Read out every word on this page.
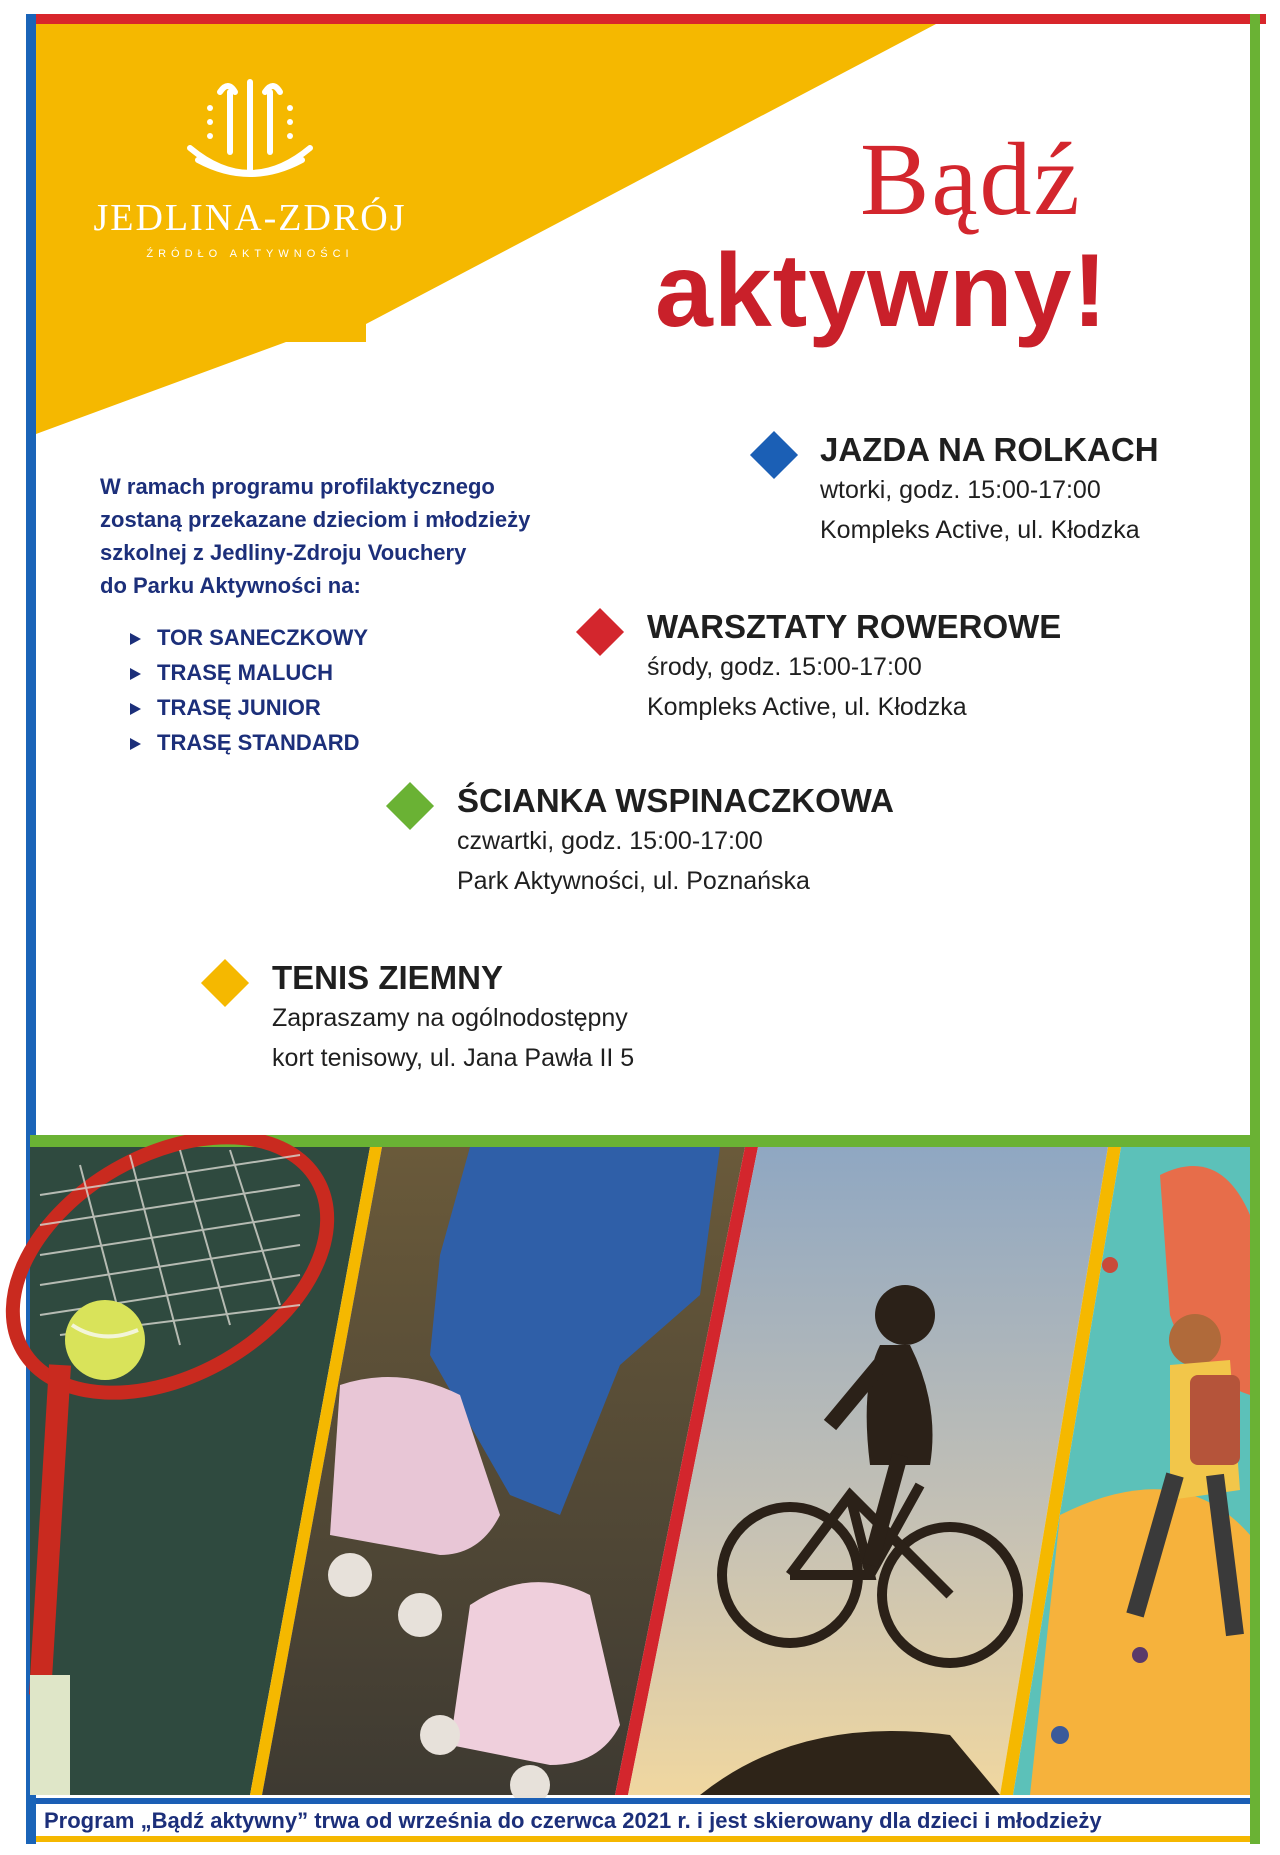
JEDLINA-ZDRÓJ
ŹRÓDŁO AKTYWNOŚCI
Bądź
aktywny!
W ramach programu profilaktycznego
zostaną przekazane dzieciom i młodzieży
szkolnej z Jedliny-Zdroju Vouchery
do Parku Aktywności na:
TOR SANECZKOWY
TRASĘ MALUCH
TRASĘ JUNIOR
TRASĘ STANDARD
JAZDA NA ROLKACH
wtorki, godz. 15:00-17:00
Kompleks Active, ul. Kłodzka
WARSZTATY ROWEROWE
środy, godz. 15:00-17:00
Kompleks Active, ul. Kłodzka
ŚCIANKA WSPINACZKOWA
czwartki, godz. 15:00-17:00
Park Aktywności, ul. Poznańska
TENIS ZIEMNY
Zapraszamy na ogólnodostępny
kort tenisowy, ul. Jana Pawła II 5
Program „Bądź aktywny” trwa od września do czerwca 2021 r. i jest skierowany dla dzieci i młodzieży
